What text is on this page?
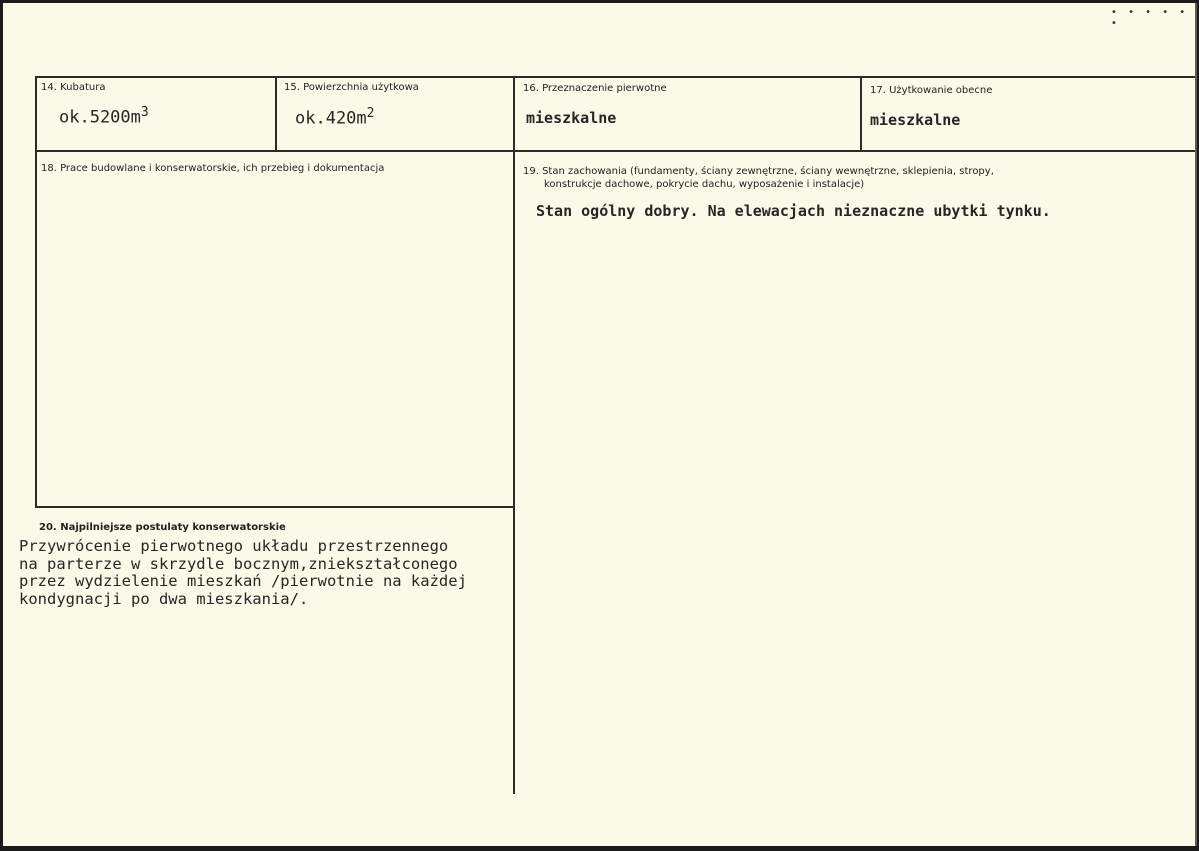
• • • • • •
14. Kubatura
$ok.5200m^3$
15. Powierzchnia użytkowa
$ok.420m^2$
16. Przeznaczenie pierwotne
mieszkalne
17. Użytkowanie obecne
mieszkalne
18. Prace budowlane i konserwatorskie, ich przebieg i dokumentacja	19. Stan zachowania (fundamenty, ściany zewnętrzne, ściany wewnętrzne, sklepienia, stropy,
konstrukcje dachowe, pokrycie dachu, wyposażenie i instalacje)
Stan ogólny dobry. Na elewacjach nieznaczne ubytki tynku.
20. Najpilniejsze postulaty konserwatorskie
Przywrócenie pierwotnego układu przestrzennego
na parterze w skrzydle bocznym,zniekształconego
przez wydzielenie mieszkań /pierwotnie na każdej
kondygnacji po dwa mieszkania/.
